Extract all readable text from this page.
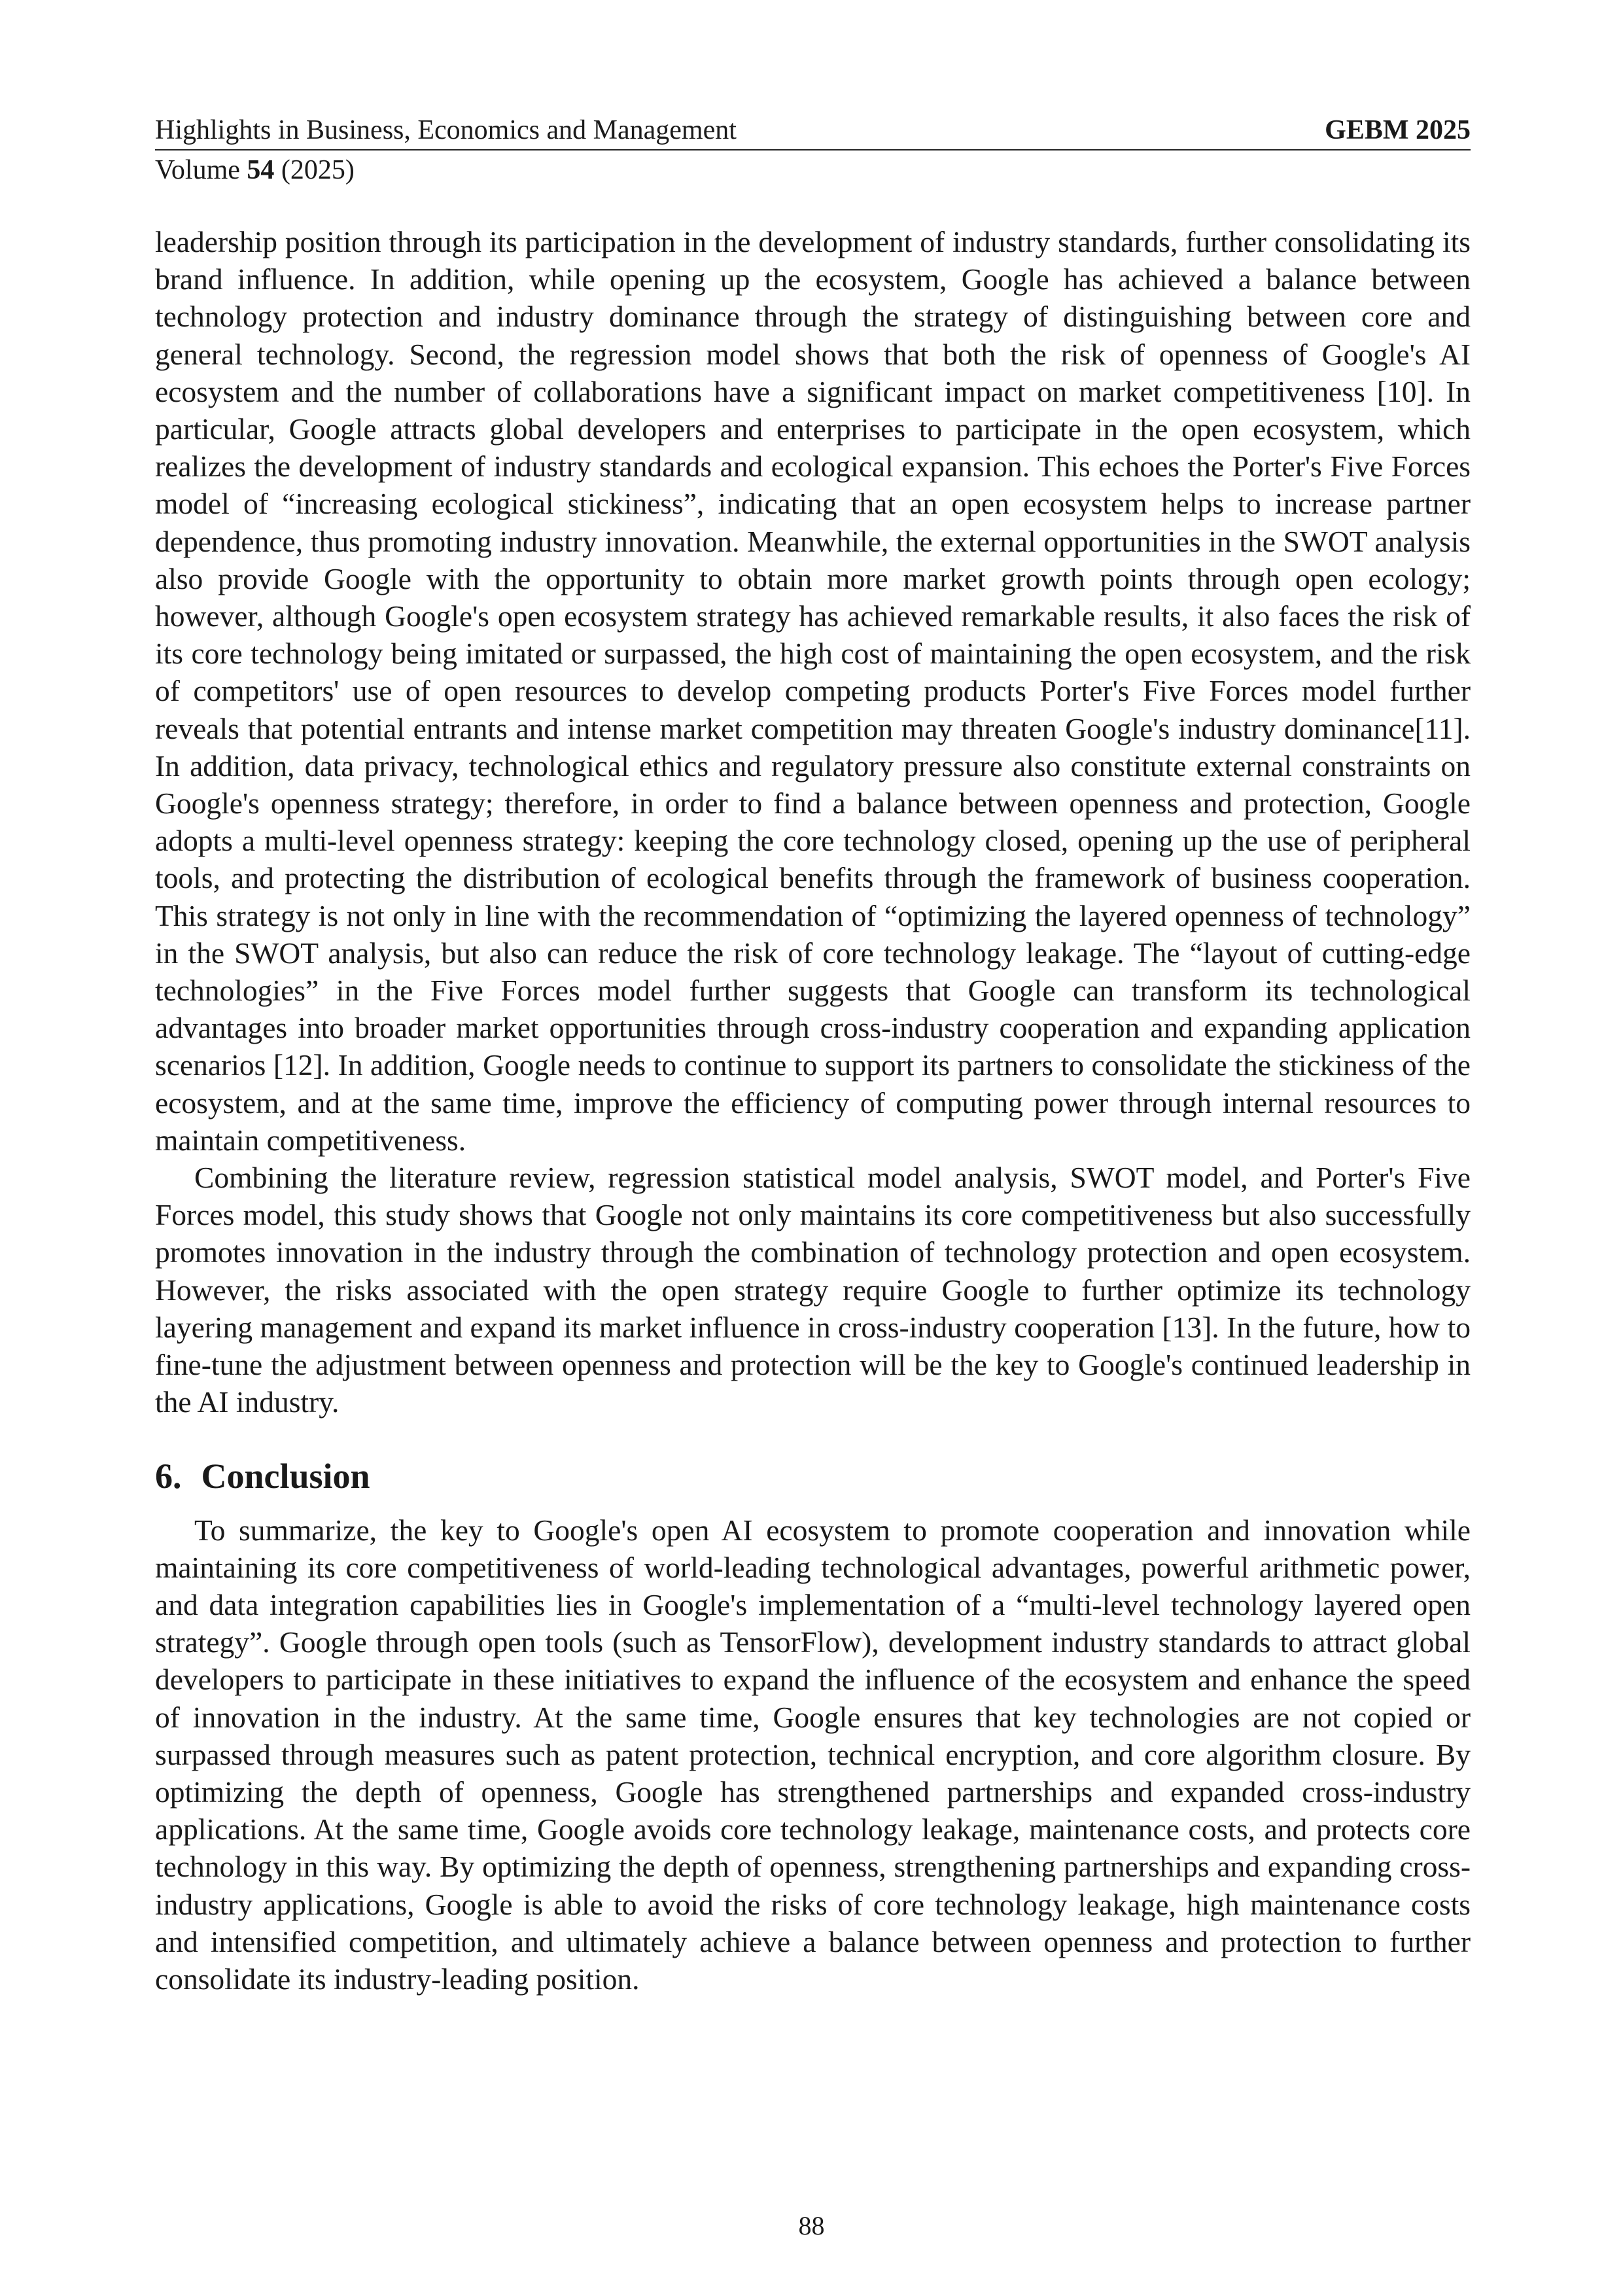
Highlights in Business, Economics and Management	GEBM 2025
Volume 54 (2025)

leadership position through its participation in the development of industry standards, further consolidating its brand influence. In addition, while opening up the ecosystem, Google has achieved a balance between technology protection and industry dominance through the strategy of distinguishing between core and general technology. Second, the regression model shows that both the risk of openness of Google's AI ecosystem and the number of collaborations have a significant impact on market competitiveness [10]. In particular, Google attracts global developers and enterprises to participate in the open ecosystem, which realizes the development of industry standards and ecological expansion. This echoes the Porter's Five Forces model of “increasing ecological stickiness”, indicating that an open ecosystem helps to increase partner dependence, thus promoting industry innovation. Meanwhile, the external opportunities in the SWOT analysis also provide Google with the opportunity to obtain more market growth points through open ecology; however, although Google's open ecosystem strategy has achieved remarkable results, it also faces the risk of its core technology being imitated or surpassed, the high cost of maintaining the open ecosystem, and the risk of competitors' use of open resources to develop competing products Porter's Five Forces model further reveals that potential entrants and intense market competition may threaten Google's industry dominance[11]. In addition, data privacy, technological ethics and regulatory pressure also constitute external constraints on Google's openness strategy; therefore, in order to find a balance between openness and protection, Google adopts a multi-level openness strategy: keeping the core technology closed, opening up the use of peripheral tools, and protecting the distribution of ecological benefits through the framework of business cooperation. This strategy is not only in line with the recommendation of “optimizing the layered openness of technology” in the SWOT analysis, but also can reduce the risk of core technology leakage. The “layout of cutting-edge technologies” in the Five Forces model further suggests that Google can transform its technological advantages into broader market opportunities through cross-industry cooperation and expanding application scenarios [12]. In addition, Google needs to continue to support its partners to consolidate the stickiness of the ecosystem, and at the same time, improve the efficiency of computing power through internal resources to maintain competitiveness.

Combining the literature review, regression statistical model analysis, SWOT model, and Porter's Five Forces model, this study shows that Google not only maintains its core competitiveness but also successfully promotes innovation in the industry through the combination of technology protection and open ecosystem. However, the risks associated with the open strategy require Google to further optimize its technology layering management and expand its market influence in cross-industry cooperation [13]. In the future, how to fine-tune the adjustment between openness and protection will be the key to Google's continued leadership in the AI industry.

6. Conclusion

To summarize, the key to Google's open AI ecosystem to promote cooperation and innovation while maintaining its core competitiveness of world-leading technological advantages, powerful arithmetic power, and data integration capabilities lies in Google's implementation of a “multi-level technology layered open strategy”. Google through open tools (such as TensorFlow), development industry standards to attract global developers to participate in these initiatives to expand the influence of the ecosystem and enhance the speed of innovation in the industry. At the same time, Google ensures that key technologies are not copied or surpassed through measures such as patent protection, technical encryption, and core algorithm closure. By optimizing the depth of openness, Google has strengthened partnerships and expanded cross-industry applications. At the same time, Google avoids core technology leakage, maintenance costs, and protects core technology in this way. By optimizing the depth of openness, strengthening partnerships and expanding cross-industry applications, Google is able to avoid the risks of core technology leakage, high maintenance costs and intensified competition, and ultimately achieve a balance between openness and protection to further consolidate its industry-leading position.

88
